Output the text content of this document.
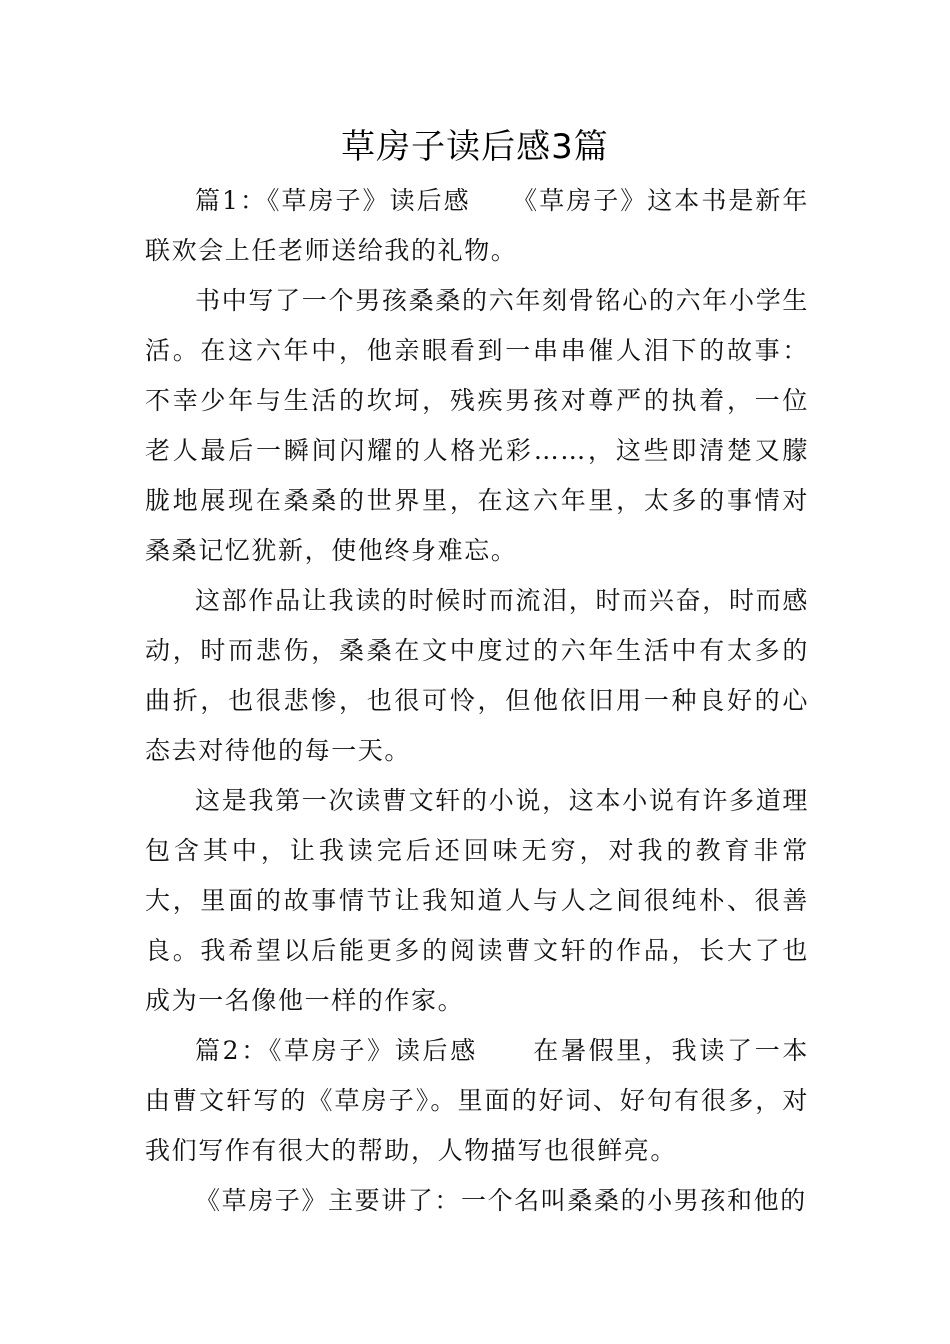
草房子读后感3篇

篇1：《草房子》读后感　　《草房子》这本书是新年联欢会上任老师送给我的礼物。

书中写了一个男孩桑桑的六年刻骨铭心的六年小学生活。在这六年中，他亲眼看到一串串催人泪下的故事：不幸少年与生活的坎坷，残疾男孩对尊严的执着，一位老人最后一瞬间闪耀的人格光彩……，这些即清楚又朦胧地展现在桑桑的世界里，在这六年里，太多的事情对桑桑记忆犹新，使他终身难忘。

这部作品让我读的时候时而流泪，时而兴奋，时而感动，时而悲伤，桑桑在文中度过的六年生活中有太多的曲折，也很悲惨，也很可怜，但他依旧用一种良好的心态去对待他的每一天。

这是我第一次读曹文轩的小说，这本小说有许多道理包含其中，让我读完后还回味无穷，对我的教育非常大，里面的故事情节让我知道人与人之间很纯朴、很善良。我希望以后能更多的阅读曹文轩的作品，长大了也成为一名像他一样的作家。

篇2：《草房子》读后感　　在暑假里，我读了一本由曹文轩写的《草房子》。里面的好词、好句有很多，对我们写作有很大的帮助，人物描写也很鲜亮。

《草房子》主要讲了：一个名叫桑桑的小男孩和他的
